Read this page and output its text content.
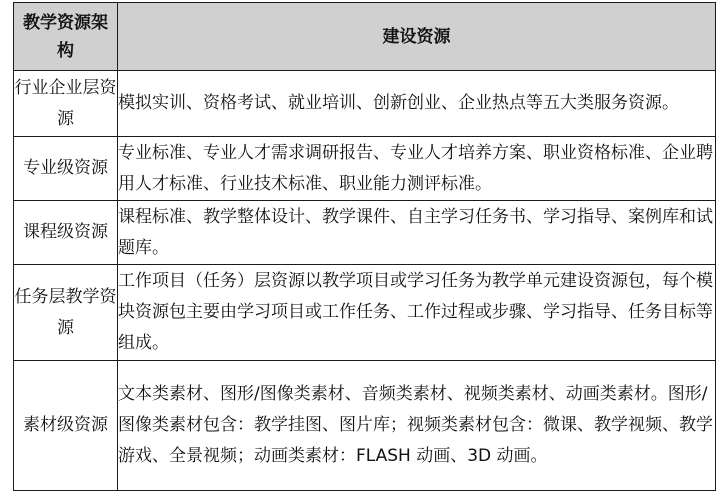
教学资源架构	建设资源
行业企业层资源	模拟实训、资格考试、就业培训、创新创业、企业热点等五大类服务资源。
专业级资源	专业标准、专业人才需求调研报告、专业人才培养方案、职业资格标准、企业聘用人才标准、行业技术标准、职业能力测评标准。
课程级资源	课程标准、教学整体设计、教学课件、自主学习任务书、学习指导、案例库和试题库。
任务层教学资源	工作项目（任务）层资源以教学项目或学习任务为教学单元建设资源包，每个模块资源包主要由学习项目或工作任务、工作过程或步骤、学习指导、任务目标等组成。
素材级资源	文本类素材、图形/图像类素材、音频类素材、视频类素材、动画类素材。图形/图像类素材包含：教学挂图、图片库；视频类素材包含：微课、教学视频、教学游戏、全景视频；动画类素材：FLASH 动画、3D 动画。
